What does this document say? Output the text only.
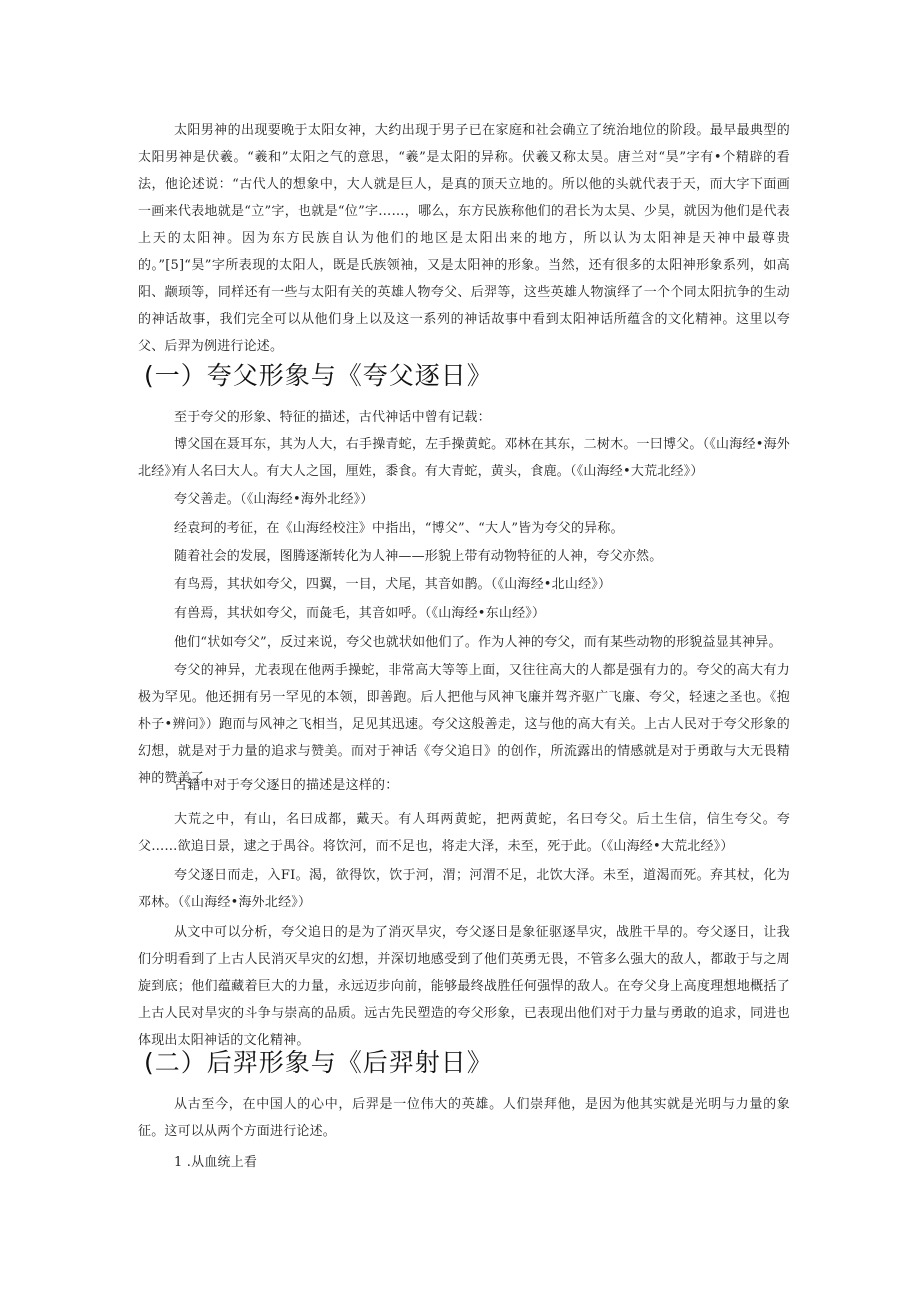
太阳男神的出现要晚于太阳女神，大约出现于男子已在家庭和社会确立了统治地位的阶段。最早最典型的太阳男神是伏羲。“羲和”太阳之气的意思，“羲”是太阳的异称。伏羲又称太昊。唐兰对“昊”字有•个精辟的看法，他论述说：“古代人的想象中，大人就是巨人，是真的顶天立地的。所以他的头就代表于天，而大字下面画一画来代表地就是“立”字，也就是“位”字……，哪么，东方民族称他们的君长为太昊、少昊，就因为他们是代表上天的太阳神。因为东方民族自认为他们的地区是太阳出来的地方，所以认为太阳神是天神中最尊贵的。”[5]“昊”字所表现的太阳人，既是氏族领袖，又是太阳神的形象。当然，还有很多的太阳神形象系列，如高阳、颛顼等，同样还有一些与太阳有关的英雄人物夸父、后羿等，这些英雄人物演绎了一个个同太阳抗争的生动的神话故事，我们完全可以从他们身上以及这一系列的神话故事中看到太阳神话所蕴含的文化精神。这里以夸父、后羿为例进行论述。

(一）夸父形象与《夸父逐日》

至于夸父的形象、特征的描述，古代神话中曾有记载：

博父国在聂耳东，其为人大，右手操青蛇，左手操黄蛇。邓林在其东，二树木。一曰博父。（《山海经•海外北经》）

有人名曰大人。有大人之国，厘姓，黍食。有大青蛇，黄头，食鹿。（《山海经•大荒北经》）

夸父善走。（《山海经•海外北经》）

经袁珂的考征，在《山海经校注》中指出，“博父”、“大人”皆为夸父的异称。

随着社会的发展，图腾逐渐转化为人神——形貌上带有动物特征的人神，夸父亦然。

有鸟焉，其状如夸父，四翼，一目，犬尾，其音如鹊。（《山海经•北山经》）

有兽焉，其状如夸父，而彘毛，其音如呼。（《山海经•东山经》）

他们“状如夸父”，反过来说，夸父也就状如他们了。作为人神的夸父，而有某些动物的形貌益显其神异。

夸父的神异，尤表现在他两手操蛇，非常高大等等上面，又往往高大的人都是强有力的。夸父的高大有力极为罕见。他还拥有另一罕见的本领，即善跑。后人把他与风神飞廉并驾齐驱广飞廉、夸父，轻速之圣也。《抱朴子•辨问》）跑而与风神之飞相当，足见其迅速。夸父这般善走，这与他的高大有关。上古人民对于夸父形象的幻想，就是对于力量的追求与赞美。而对于神话《夸父追日》的创作，所流露出的情感就是对于勇敢与大无畏精神的赞美了。

古籍中对于夸父逐日的描述是这样的：

大荒之中，有山，名曰成都，戴天。有人珥两黄蛇，把两黄蛇，名曰夸父。后土生信，信生夸父。夸父……欲追日景，逮之于禺谷。将饮河，而不足也，将走大泽，未至，死于此。（《山海经•大荒北经》）

夸父逐日而走，入FI。渴，欲得饮，饮于河，渭；河渭不足，北饮大泽。未至，道渴而死。弃其杖，化为邓林。（《山海经•海外北经》）

从文中可以分析，夸父追日的是为了消灭旱灾，夸父逐日是象征驱逐旱灾，战胜干旱的。夸父逐日，让我们分明看到了上古人民消灭旱灾的幻想，并深切地感受到了他们英勇无畏，不管多么强大的敌人，都敢于与之周旋到底；他们蕴藏着巨大的力量，永远迈步向前，能够最终战胜任何强悍的敌人。在夸父身上高度理想地概括了上古人民对旱灾的斗争与崇高的品质。远古先民塑造的夸父形象，已表现出他们对于力量与勇敢的追求，同进也体现出太阳神话的文化精神。

(二）后羿形象与《后羿射日》

从古至今，在中国人的心中，后羿是一位伟大的英雄。人们崇拜他，是因为他其实就是光明与力量的象征。这可以从两个方面进行论述。

1 .从血统上看
